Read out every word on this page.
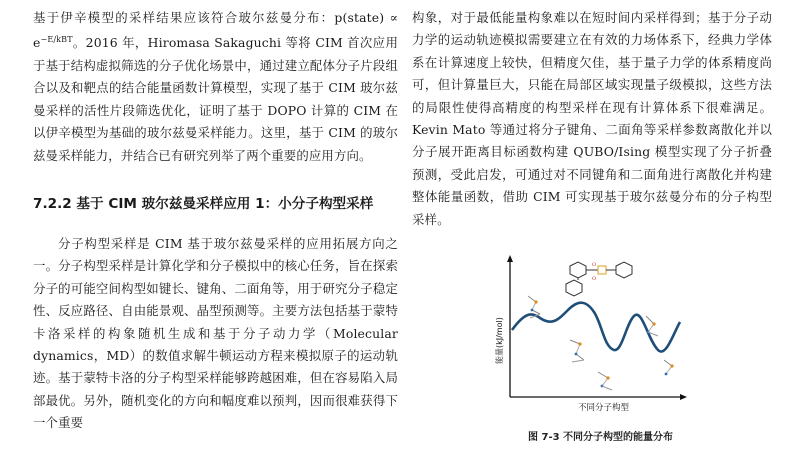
基于伊辛模型的采样结果应该符合玻尔兹曼分布：p(state) ∝ $e^{-E/kBT}$。2016 年，Hiromasa Sakaguchi 等将 CIM 首次应用于基于结构虚拟筛选的分子优化场景中，通过建立配体分子片段组合以及和靶点的结合能量函数计算模型，实现了基于 CIM 玻尔兹曼采样的活性片段筛选优化，证明了基于 DOPO 计算的 CIM 在以伊辛模型为基础的玻尔兹曼采样能力。这里，基于 CIM 的玻尔兹曼采样能力，并结合已有研究列举了两个重要的应用方向。

7.2.2 基于 CIM 玻尔兹曼采样应用 1：小分子构型采样

分子构型采样是 CIM 基于玻尔兹曼采样的应用拓展方向之一。分子构型采样是计算化学和分子模拟中的核心任务，旨在探索分子的可能空间构型如键长、键角、二面角等，用于研究分子稳定性、反应路径、自由能景观、晶型预测等。主要方法包括基于蒙特卡洛采样的构象随机生成和基于分子动力学（Molecular dynamics，MD）的数值求解牛顿运动方程来模拟原子的运动轨迹。基于蒙特卡洛的分子构型采样能够跨越困难，但在容易陷入局部最优。另外，随机变化的方向和幅度难以预判，因而很难获得下一个重要

构象，对于最低能量构象难以在短时间内采样得到；基于分子动力学的运动轨迹模拟需要建立在有效的力场体系下，经典力学体系在计算速度上较快，但精度欠佳，基于量子力学的体系精度尚可，但计算量巨大，只能在局部区域实现量子级模拟，这些方法的局限性使得高精度的构型采样在现有计算体系下很难满足。Kevin Mato 等通过将分子键角、二面角等采样参数离散化并以分子展开距离目标函数构建 QUBO/Ising 模型实现了分子折叠预测，受此启发，可通过对不同键角和二面角进行离散化并构建整体能量函数，借助 CIM 可实现基于玻尔兹曼分布的分子构型采样。

能量(kJ/mol)
不同分子构型
O
O
图 7-3 不同分子构型的能量分布
